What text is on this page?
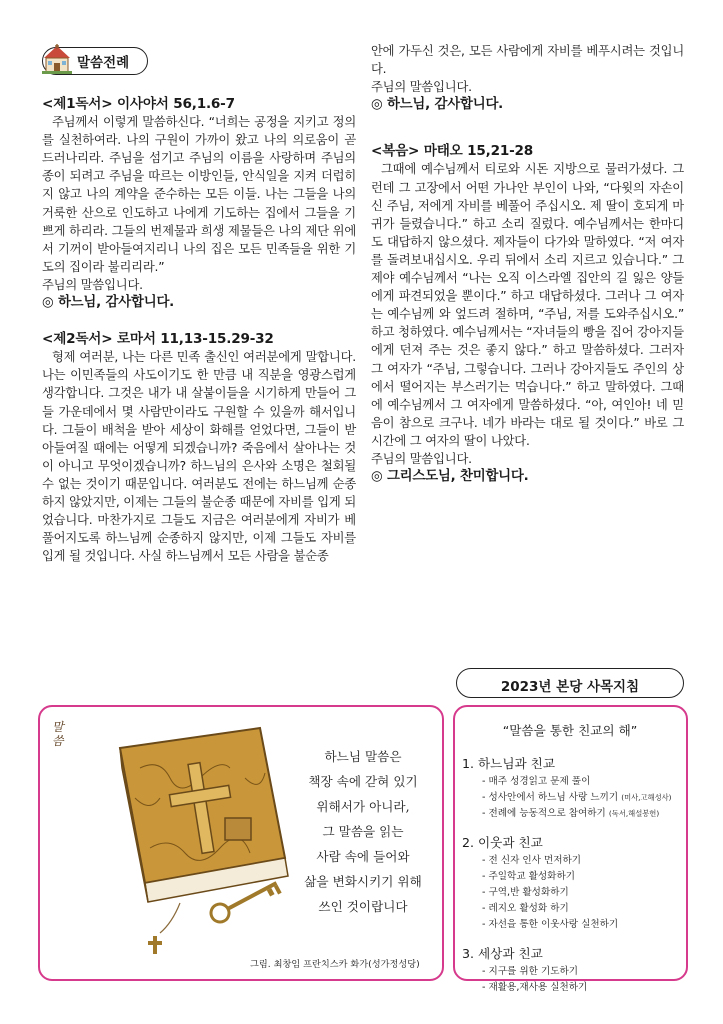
말씀전례

<제1독서> 이사야서 56,1.6-7

주님께서 이렇게 말씀하신다. “너희는 공정을 지키고 정의를 실천하여라. 나의 구원이 가까이 왔고 나의 의로움이 곧 드러나리라. 주님을 섬기고 주님의 이름을 사랑하며 주님의 종이 되려고 주님을 따르는 이방인들, 안식일을 지켜 더럽히지 않고 나의 계약을 준수하는 모든 이들. 나는 그들을 나의 거룩한 산으로 인도하고 나에게 기도하는 집에서 그들을 기쁘게 하리라. 그들의 번제물과 희생 제물들은 나의 제단 위에서 기꺼이 받아들여지리니 나의 집은 모든 민족들을 위한 기도의 집이라 불리리라.”

주님의 말씀입니다.

◎ 하느님, 감사합니다.

<제2독서> 로마서 11,13-15.29-32

형제 여러분, 나는 다른 민족 출신인 여러분에게 말합니다. 나는 이민족들의 사도이기도 한 만큼 내 직분을 영광스럽게 생각합니다. 그것은 내가 내 살붙이들을 시기하게 만들어 그들 가운데에서 몇 사람만이라도 구원할 수 있을까 해서입니다. 그들이 배척을 받아 세상이 화해를 얻었다면, 그들이 받아들여질 때에는 어떻게 되겠습니까? 죽음에서 살아나는 것이 아니고 무엇이겠습니까? 하느님의 은사와 소명은 철회될 수 없는 것이기 때문입니다. 여러분도 전에는 하느님께 순종하지 않았지만, 이제는 그들의 불순종 때문에 자비를 입게 되었습니다. 마찬가지로 그들도 지금은 여러분에게 자비가 베풀어지도록 하느님께 순종하지 않지만, 이제 그들도 자비를 입게 될 것입니다. 사실 하느님께서 모든 사람을 불순종

안에 가두신 것은, 모든 사람에게 자비를 베푸시려는 것입니다.

주님의 말씀입니다.

◎ 하느님, 감사합니다.

<복음> 마태오 15,21-28

그때에 예수님께서 티로와 시돈 지방으로 물러가셨다. 그런데 그 고장에서 어떤 가나안 부인이 나와, “다윗의 자손이신 주님, 저에게 자비를 베풀어 주십시오. 제 딸이 호되게 마귀가 들렸습니다.” 하고 소리 질렀다. 예수님께서는 한마디도 대답하지 않으셨다. 제자들이 다가와 말하였다. “저 여자를 돌려보내십시오. 우리 뒤에서 소리 지르고 있습니다.” 그제야 예수님께서 “나는 오직 이스라엘 집안의 길 잃은 양들에게 파견되었을 뿐이다.” 하고 대답하셨다. 그러나 그 여자는 예수님께 와 엎드려 절하며, “주님, 저를 도와주십시오.” 하고 청하였다. 예수님께서는 “자녀들의 빵을 집어 강아지들에게 던져 주는 것은 좋지 않다.” 하고 말씀하셨다. 그러자 그 여자가 “주님, 그렇습니다. 그러나 강아지들도 주인의 상에서 떨어지는 부스러기는 먹습니다.” 하고 말하였다. 그때에 예수님께서 그 여자에게 말씀하셨다. “아, 여인아! 네 믿음이 참으로 크구나. 네가 바라는 대로 될 것이다.” 바로 그 시간에 그 여자의 딸이 나았다.

주님의 말씀입니다.

◎ 그리스도님, 찬미합니다.

말씀
하느님 말씀은
책장 속에 갇혀 있기
위해서가 아니라,
그 말씀을 읽는
사람 속에 들어와
삶을 변화시키기 위해
쓰인 것이랍니다
그림. 최창임 프란치스카 화가(성가정성당)
2023년 본당 사목지침
“말씀을 통한 친교의 해”
1. 하느님과 친교
- 매주 성경읽고 문제 풀이
- 성사안에서 하느님 사랑 느끼기 (미사,고해성사)
- 전례에 능동적으로 참여하기 (독서,해설봉헌)
2. 이웃과 친교
- 전 신자 인사 먼저하기
- 주일학교 활성화하기
- 구역,반 활성화하기
- 레지오 활성화 하기
- 자선을 통한 이웃사랑 실천하기
3. 세상과 친교
- 지구를 위한 기도하기
- 재활용,재사용 실천하기
